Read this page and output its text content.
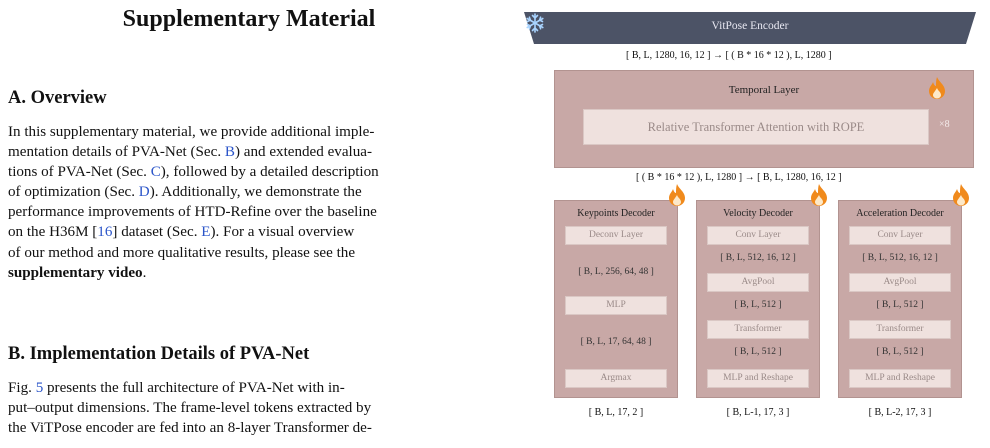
Supplementary Material
A. Overview
In this supplementary material, we provide additional imple-
mentation details of PVA-Net (Sec. B) and extended evalua-
tions of PVA-Net (Sec. C), followed by a detailed description
of optimization (Sec. D). Additionally, we demonstrate the
performance improvements of HTD-Refine over the baseline
on the H36M [16] dataset (Sec. E). For a visual overview
of our method and more qualitative results, please see the
supplementary video.
B. Implementation Details of PVA-Net
Fig. 5 presents the full architecture of PVA-Net with in-
put–output dimensions. The frame-level tokens extracted by
the ViTPose encoder are fed into an 8-layer Transformer de-
VitPose Encoder
[ B, L, 1280, 16, 12 ] → [ ( B * 16 * 12 ), L, 1280 ]
Temporal Layer
Relative Transformer Attention with ROPE	×8
[ ( B * 16 * 12 ), L, 1280 ] → [ B, L, 1280, 16, 12 ]
Keypoints Decoder
Deconv Layer
[ B, L, 256, 64, 48 ]
MLP
[ B, L, 17, 64, 48 ]
Argmax
Velocity Decoder
Conv Layer
[ B, L, 512, 16, 12 ]
AvgPool
[ B, L, 512 ]
Transformer
[ B, L, 512 ]
MLP and Reshape
Acceleration Decoder
Conv Layer
[ B, L, 512, 16, 12 ]
AvgPool
[ B, L, 512 ]
Transformer
[ B, L, 512 ]
MLP and Reshape
[ B, L, 17, 2 ]	[ B, L-1, 17, 3 ]	[ B, L-2, 17, 3 ]
